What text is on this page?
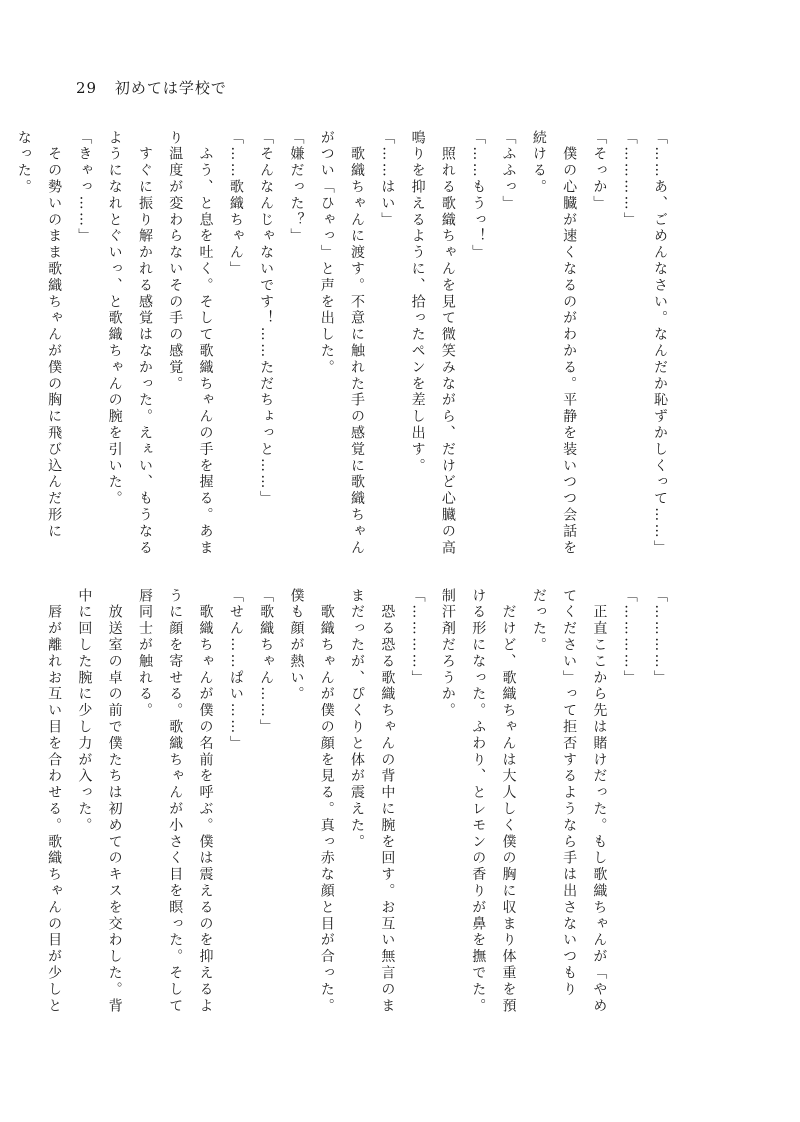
29 初めては学校で

「……あ、ごめんなさい。なんだか恥ずかしくって……」

「…………」

「そっか」

　僕の心臓が速くなるのがわかる。平静を装いつつ会話を

続ける。

「ふふっ」

「……もうっ！」

　照れる歌織ちゃんを見て微笑みながら、だけど心臓の高

鳴りを抑えるように、拾ったペンを差し出す。

「……はい」

　歌織ちゃんに渡す。不意に触れた手の感覚に歌織ちゃん

がつい「ひゃっ」と声を出した。

「嫌だった？」

「そんなんじゃないです！……ただちょっと……」

「……歌織ちゃん」

　ふう、と息を吐く。そして歌織ちゃんの手を握る。あま

り温度が変わらないその手の感覚。

　すぐに振り解かれる感覚はなかった。えぇい、もうなる

ようになれとぐいっ、と歌織ちゃんの腕を引いた。

「きゃっ……」

　その勢いのまま歌織ちゃんが僕の胸に飛び込んだ形に

なった。

「…………」

「…………」

　正直ここから先は賭けだった。もし歌織ちゃんが「やめ

てください」って拒否するようなら手は出さないつもり

だった。

　だけど、歌織ちゃんは大人しく僕の胸に収まり体重を預

ける形になった。ふわり、とレモンの香りが鼻を撫でた。

制汗剤だろうか。

「…………」

　恐る恐る歌織ちゃんの背中に腕を回す。お互い無言のま

まだったが、ぴくりと体が震えた。

　歌織ちゃんが僕の顔を見る。真っ赤な顔と目が合った。

僕も顔が熱い。

「歌織ちゃん……」

「せん……ぱい……」

　歌織ちゃんが僕の名前を呼ぶ。僕は震えるのを抑えるよ

うに顔を寄せる。歌織ちゃんが小さく目を瞑った。そして

唇同士が触れる。

　放送室の卓の前で僕たちは初めてのキスを交わした。背

中に回した腕に少し力が入った。

　唇が離れお互い目を合わせる。歌織ちゃんの目が少しと
